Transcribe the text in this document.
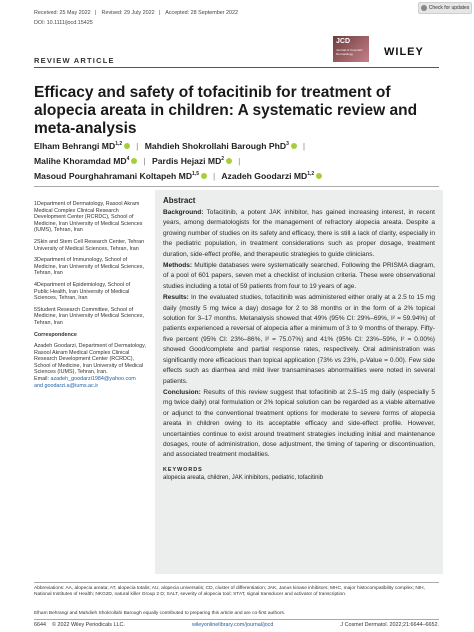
Received: 25 May 2022 | Revised: 29 July 2022 | Accepted: 28 September 2022
DOI: 10.1111/jocd.15425
Check for updates
JCD
Journal of Cosmetic Dermatology	WILEY
REVIEW ARTICLE
Efficacy and safety of tofacitinib for treatment of alopecia areata in children: A systematic review and meta-analysis
Elham Behrangi MD$^{1,2}$ | Mahdieh Shokrollahi Barough PhD$^3$ |
Malihe Khoramdad $MD^4$ | Pardis Hejazi $MD^2$ |
Masoud Pourghahramani Koltapeh MD$^{1,5}$ | Azadeh Goodarzi MD$^{1,2}$

1Department of Dermatology, Rasool Akram Medical Complex Clinical Research Development Center (RCRDC), School of Medicine, Iran University of Medical Sciences (IUMS), Tehran, Iran

2Skin and Stem Cell Research Center, Tehran University of Medical Sciences, Tehran, Iran

3Department of Immunology, School of Medicine, Iran University of Medical Sciences, Tehran, Iran

4Department of Epidemiology, School of Public Health, Iran University of Medical Sciences, Tehran, Iran

5Student Research Committee, School of Medicine, Iran University of Medical Sciences, Tehran, Iran

Correspondence

Azadeh Goodarzi, Department of Dermatology, Rasool Akram Medical Complex Clinical Research Development Center (RCRDC), School of Medicine, Iran University of Medical Sciences (IUMS), Tehran, Iran.

Email: azadeh_goodarzi1984@yahoo.com and goodarzi.a@iums.ac.ir

Abstract

Background: Tofacitinib, a potent JAK inhibitor, has gained increasing interest, in recent years, among dermatologists for the management of refractory alopecia areata. Despite a growing number of studies on its safety and efficacy, there is still a lack of clarity, especially in the pediatric population, in treatment considerations such as proper dosage, treatment duration, side-effect profile, and therapeutic strategies to guide clinicians.

Methods: Multiple databases were systematically searched. Following the PRISMA diagram, of a pool of 601 papers, seven met a checklist of inclusion criteria. These were observational studies including a total of 59 patients from four to 19 years of age.

Results: In the evaluated studies, tofacitinib was administered either orally at a 2.5 to 15 mg daily (mostly 5 mg twice a day) dosage for 2 to 38 months or in the form of a 2% topical solution for 3–17 months. Metanalysis showed that 49% (95% CI: 29%–69%, I² = 59.94%) of patients experienced a reversal of alopecia after a minimum of 3 to 9 months of therapy. Fifty-five percent (95% CI: 23%–86%, I² = 75.07%) and 41% (95% CI: 23%–59%, I² = 0.00%) showed Good/complete and partial response rates, respectively. Oral administration was significantly more efficacious than topical application (73% vs 23%, p-Value = 0.00). Few side effects such as diarrhea and mild liver transaminases abnormalities were noted in several patients.

Conclusion: Results of this review suggest that tofacitinib at 2.5–15 mg daily (especially 5 mg twice daily) oral formulation or 2% topical solution can be regarded as a viable alternative or adjunct to the conventional treatment options for moderate to severe forms of alopecia areata in children owing to its acceptable efficacy and side-effect profile. However, uncertainties continue to exist around treatment strategies including initial and maintenance dosages, route of administration, dose adjustment, the timing of tapering or discontinuation, and associated treatment modalities.

KEYWORDS
alopecia areata, children, JAK inhibitors, pediatric, tofacitinib
Abbreviations: AA, alopecia areata; AT, alopecia totalis; AU, alopecia universalis; CD, cluster of differentiation; JAK, Janus kinase inhibitors; MHC, major histocompatibility complex; NIH, National Institutes of Health; NKG2D, natural killer Group 2 D; SALT, severity of alopecia tool; STAT, signal transducer and activator of transcription.
Elham Behrangi and Mahdieh Shokrollahi Barough equally contributed to preparing this article and are co-first authors.
6644 © 2022 Wiley Periodicals LLC.	wileyonlinelibrary.com/journal/jocd	J Cosmet Dermatol. 2022;21:6644–6652.
